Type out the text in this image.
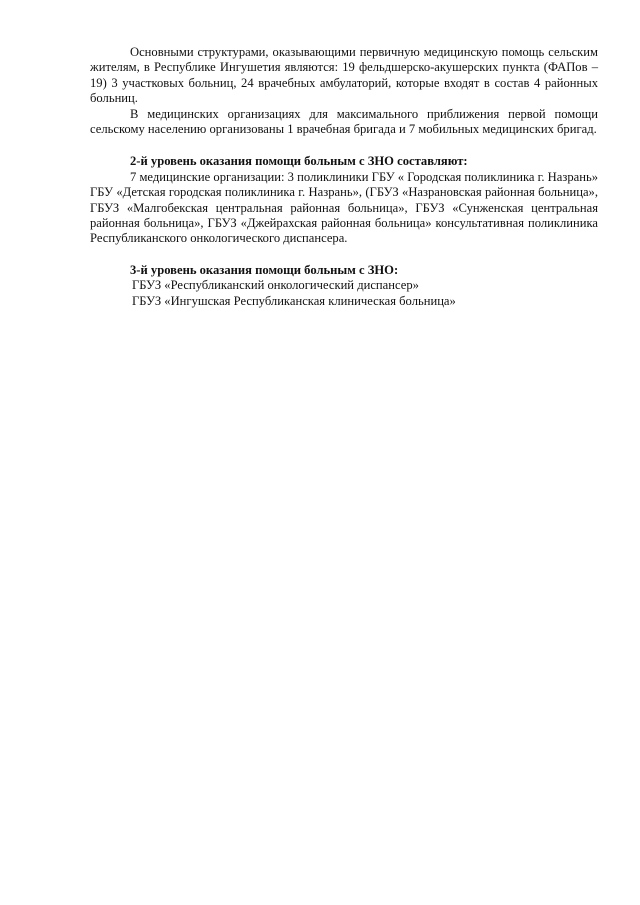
Основными структурами, оказывающими первичную медицинскую помощь сельским жителям, в Республике Ингушетия являются: 19 фельдшерско-акушерских пункта (ФАПов – 19) 3 участковых больниц, 24 врачебных амбулаторий, которые входят в состав 4 районных больниц.

В медицинских организациях для максимального приближения первой помощи сельскому населению организованы 1 врачебная бригада и 7 мобильных медицинских бригад.

2-й уровень оказания помощи больным с ЗНО составляют:

7 медицинские организации: 3 поликлиники ГБУ « Городская поликлиника г. Назрань» ГБУ «Детская городская поликлиника г. Назрань», (ГБУЗ «Назрановская районная больница», ГБУЗ «Малгобекская центральная районная больница», ГБУЗ «Сунженская центральная районная больница», ГБУЗ «Джейрахская районная больница» консультативная поликлиника Республиканского онкологического диспансера.

3-й уровень оказания помощи больным с ЗНО:

ГБУЗ «Республиканский онкологический диспансер»

ГБУЗ «Ингушская Республиканская клиническая больница»
